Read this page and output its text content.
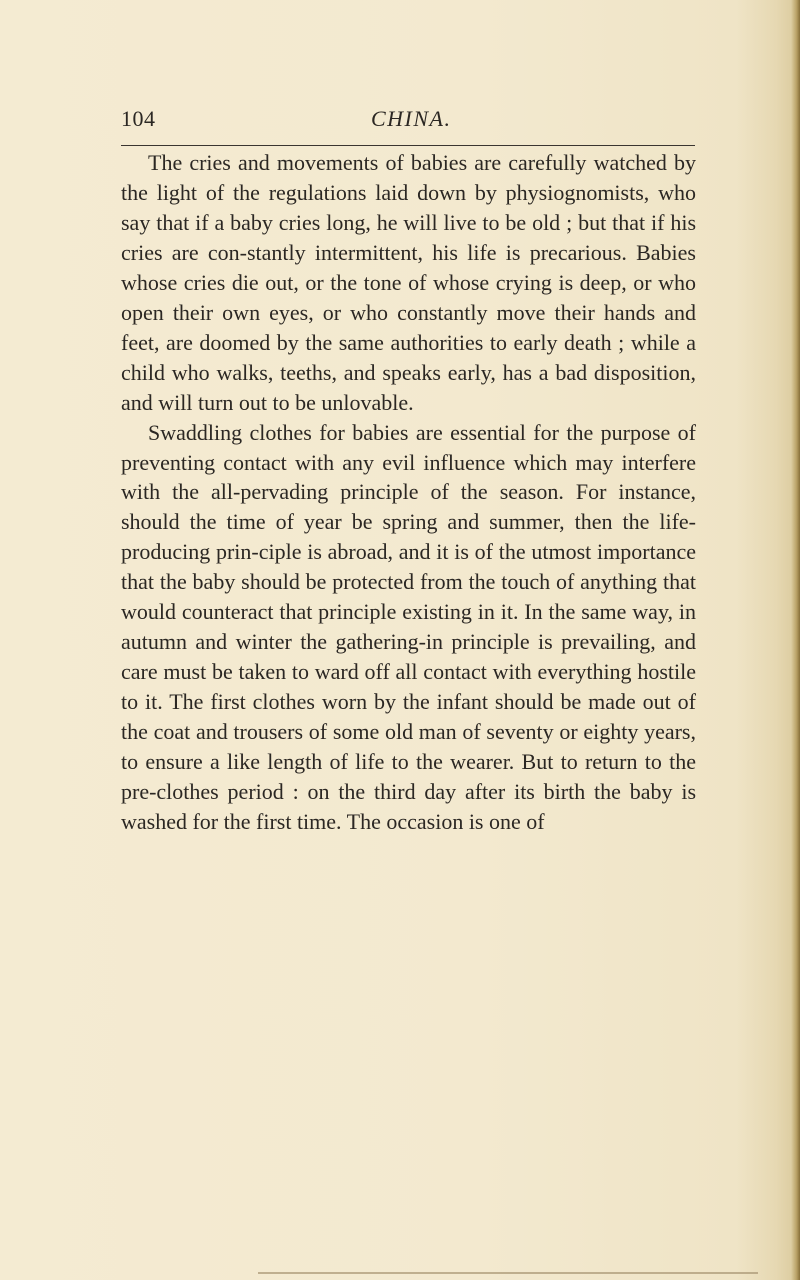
104	CHINA.

The cries and movements of babies are carefully watched by the light of the regulations laid down by physiognomists, who say that if a baby cries long, he will live to be old ; but that if his cries are con-stantly intermittent, his life is precarious. Babies whose cries die out, or the tone of whose crying is deep, or who open their own eyes, or who constantly move their hands and feet, are doomed by the same authorities to early death ; while a child who walks, teeths, and speaks early, has a bad disposition, and will turn out to be unlovable.

Swaddling clothes for babies are essential for the purpose of preventing contact with any evil influence which may interfere with the all-pervading principle of the season. For instance, should the time of year be spring and summer, then the life-producing prin-ciple is abroad, and it is of the utmost importance that the baby should be protected from the touch of anything that would counteract that principle existing in it. In the same way, in autumn and winter the gathering-in principle is prevailing, and care must be taken to ward off all contact with everything hostile to it. The first clothes worn by the infant should be made out of the coat and trousers of some old man of seventy or eighty years, to ensure a like length of life to the wearer. But to return to the pre-clothes period : on the third day after its birth the baby is washed for the first time. The occasion is one of
